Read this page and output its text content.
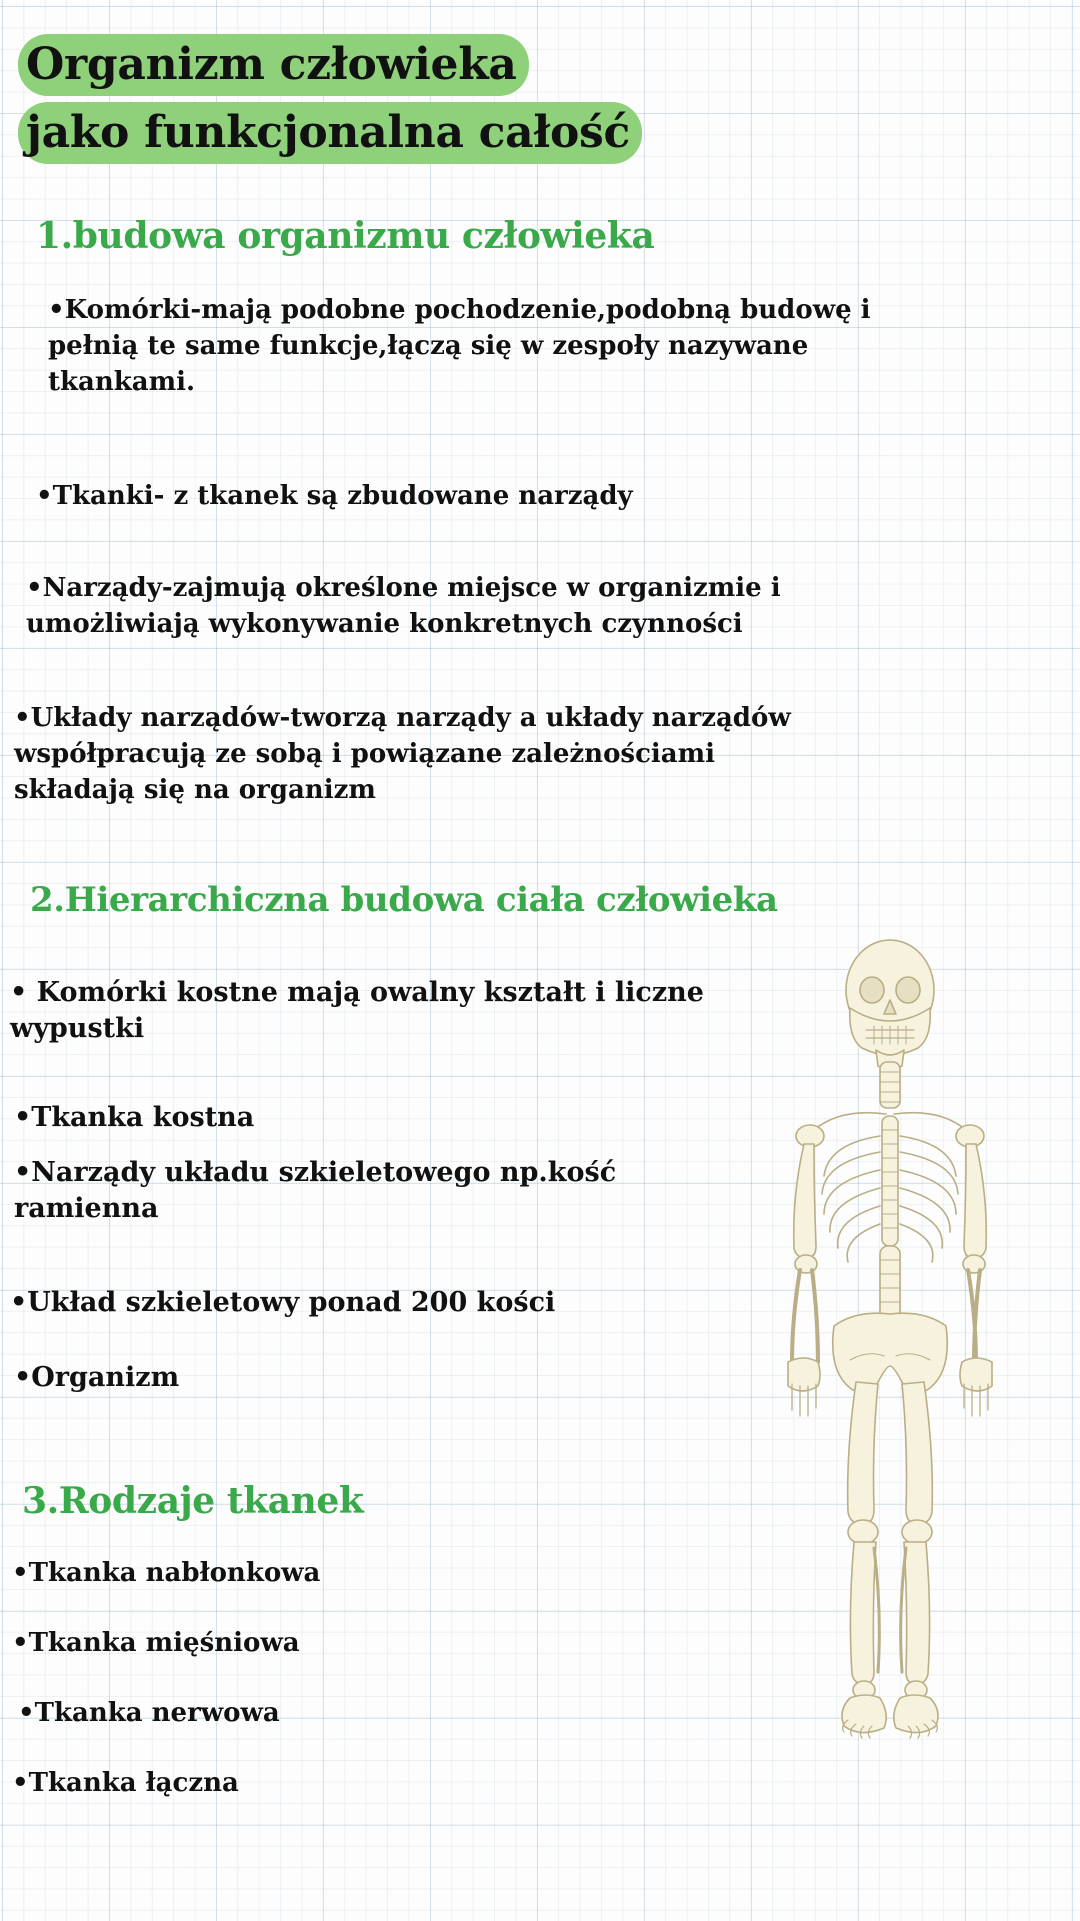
Organizm człowieka
jako funkcjonalna całość
1.budowa organizmu człowieka
•Komórki-mają podobne pochodzenie,podobną budowę i pełnią te same funkcje,łączą się w zespoły nazywane tkankami.
•Tkanki- z tkanek są zbudowane narządy
•Narządy-zajmują określone miejsce w organizmie i umożliwiają wykonywanie konkretnych czynności
•Układy narządów-tworzą narządy a układy narządów współpracują ze sobą i powiązane zależnościami składają się na organizm
2.Hierarchiczna budowa ciała człowieka
• Komórki kostne mają owalny kształt i liczne wypustki
•Tkanka kostna
•Narządy układu szkieletowego np.kość ramienna
•Układ szkieletowy ponad 200 kości
•Organizm
3.Rodzaje tkanek
•Tkanka nabłonkowa
•Tkanka mięśniowa
•Tkanka nerwowa
•Tkanka łączna
